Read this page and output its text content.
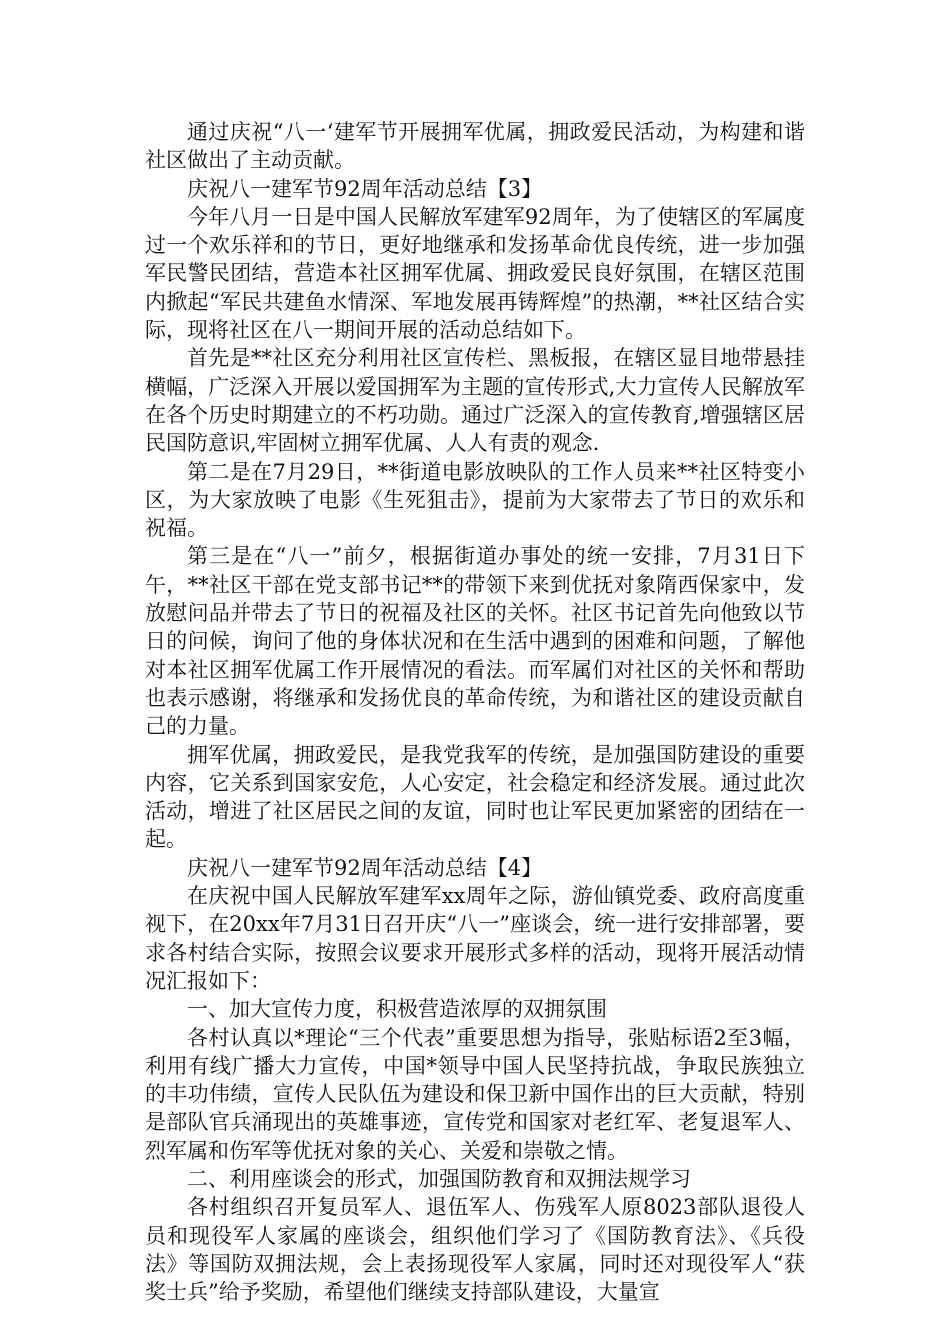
通过庆祝“八一‘建军节开展拥军优属，拥政爱民活动，为构建和谐社区做出了主动贡献。

庆祝八一建军节92周年活动总结【3】

今年八月一日是中国人民解放军建军92周年，为了使辖区的军属度过一个欢乐祥和的节日，更好地继承和发扬革命优良传统，进一步加强军民警民团结，营造本社区拥军优属、拥政爱民良好氛围，在辖区范围内掀起“军民共建鱼水情深、军地发展再铸辉煌”的热潮，**社区结合实际，现将社区在八一期间开展的活动总结如下。

首先是**社区充分利用社区宣传栏、黑板报，在辖区显目地带悬挂横幅，广泛深入开展以爱国拥军为主题的宣传形式,大力宣传人民解放军在各个历史时期建立的不朽功勋。通过广泛深入的宣传教育,增强辖区居民国防意识,牢固树立拥军优属、人人有责的观念.

第二是在7月29日，**街道电影放映队的工作人员来**社区特变小区，为大家放映了电影《生死狙击》，提前为大家带去了节日的欢乐和祝福。

第三是在“八一”前夕，根据街道办事处的统一安排，7月31日下午，**社区干部在党支部书记**的带领下来到优抚对象隋西保家中，发放慰问品并带去了节日的祝福及社区的关怀。社区书记首先向他致以节日的问候，询问了他的身体状况和在生活中遇到的困难和问题，了解他对本社区拥军优属工作开展情况的看法。而军属们对社区的关怀和帮助也表示感谢，将继承和发扬优良的革命传统，为和谐社区的建设贡献自己的力量。

拥军优属，拥政爱民，是我党我军的传统，是加强国防建设的重要内容，它关系到国家安危，人心安定，社会稳定和经济发展。通过此次活动，增进了社区居民之间的友谊，同时也让军民更加紧密的团结在一起。

庆祝八一建军节92周年活动总结【4】

在庆祝中国人民解放军建军xx周年之际，游仙镇党委、政府高度重视下，在20xx年7月31日召开庆“八一”座谈会，统一进行安排部署，要求各村结合实际，按照会议要求开展形式多样的活动，现将开展活动情况汇报如下：

一、加大宣传力度，积极营造浓厚的双拥氛围

各村认真以*理论“三个代表”重要思想为指导，张贴标语2至3幅，利用有线广播大力宣传，中国*领导中国人民坚持抗战，争取民族独立的丰功伟绩，宣传人民队伍为建设和保卫新中国作出的巨大贡献，特别是部队官兵涌现出的英雄事迹，宣传党和国家对老红军、老复退军人、烈军属和伤军等优抚对象的关心、关爱和崇敬之情。

二、利用座谈会的形式，加强国防教育和双拥法规学习

各村组织召开复员军人、退伍军人、伤残军人原8023部队退役人员和现役军人家属的座谈会，组织他们学习了《国防教育法》、《兵役法》等国防双拥法规，会上表扬现役军人家属，同时还对现役军人“获奖士兵”给予奖励，希望他们继续支持部队建设，大量宣
